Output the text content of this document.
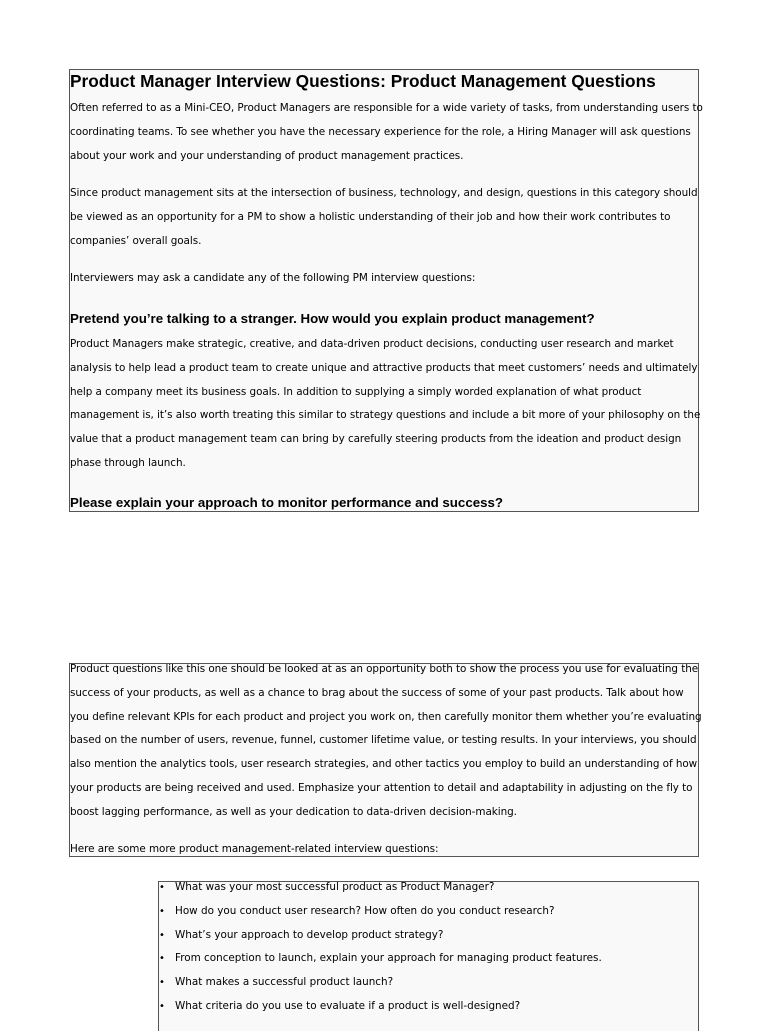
Product Manager Interview Questions: Product Management Questions

Often referred to as a Mini-CEO, Product Managers are responsible for a wide variety of tasks, from understanding users to
coordinating teams. To see whether you have the necessary experience for the role, a Hiring Manager will ask questions
about your work and your understanding of product management practices.

Since product management sits at the intersection of business, technology, and design, questions in this category should
be viewed as an opportunity for a PM to show a holistic understanding of their job and how their work contributes to
companies’ overall goals.

Interviewers may ask a candidate any of the following PM interview questions:

Pretend you’re talking to a stranger. How would you explain product management?

Product Managers make strategic, creative, and data-driven product decisions, conducting user research and market
analysis to help lead a product team to create unique and attractive products that meet customers’ needs and ultimately
help a company meet its business goals. In addition to supplying a simply worded explanation of what product
management is, it’s also worth treating this similar to strategy questions and include a bit more of your philosophy on the
value that a product management team can bring by carefully steering products from the ideation and product design
phase through launch.

Please explain your approach to monitor performance and success?

Product questions like this one should be looked at as an opportunity both to show the process you use for evaluating the
success of your products, as well as a chance to brag about the success of some of your past products. Talk about how
you define relevant KPIs for each product and project you work on, then carefully monitor them whether you’re evaluating
based on the number of users, revenue, funnel, customer lifetime value, or testing results. In your interviews, you should
also mention the analytics tools, user research strategies, and other tactics you employ to build an understanding of how
your products are being received and used. Emphasize your attention to detail and adaptability in adjusting on the fly to
boost lagging performance, as well as your dedication to data-driven decision-making.

Here are some more product management-related interview questions:

• What was your most successful product as Product Manager?
• How do you conduct user research? How often do you conduct research?
• What’s your approach to develop product strategy?
• From conception to launch, explain your approach for managing product features.
• What makes a successful product launch?
• What criteria do you use to evaluate if a product is well-designed?
